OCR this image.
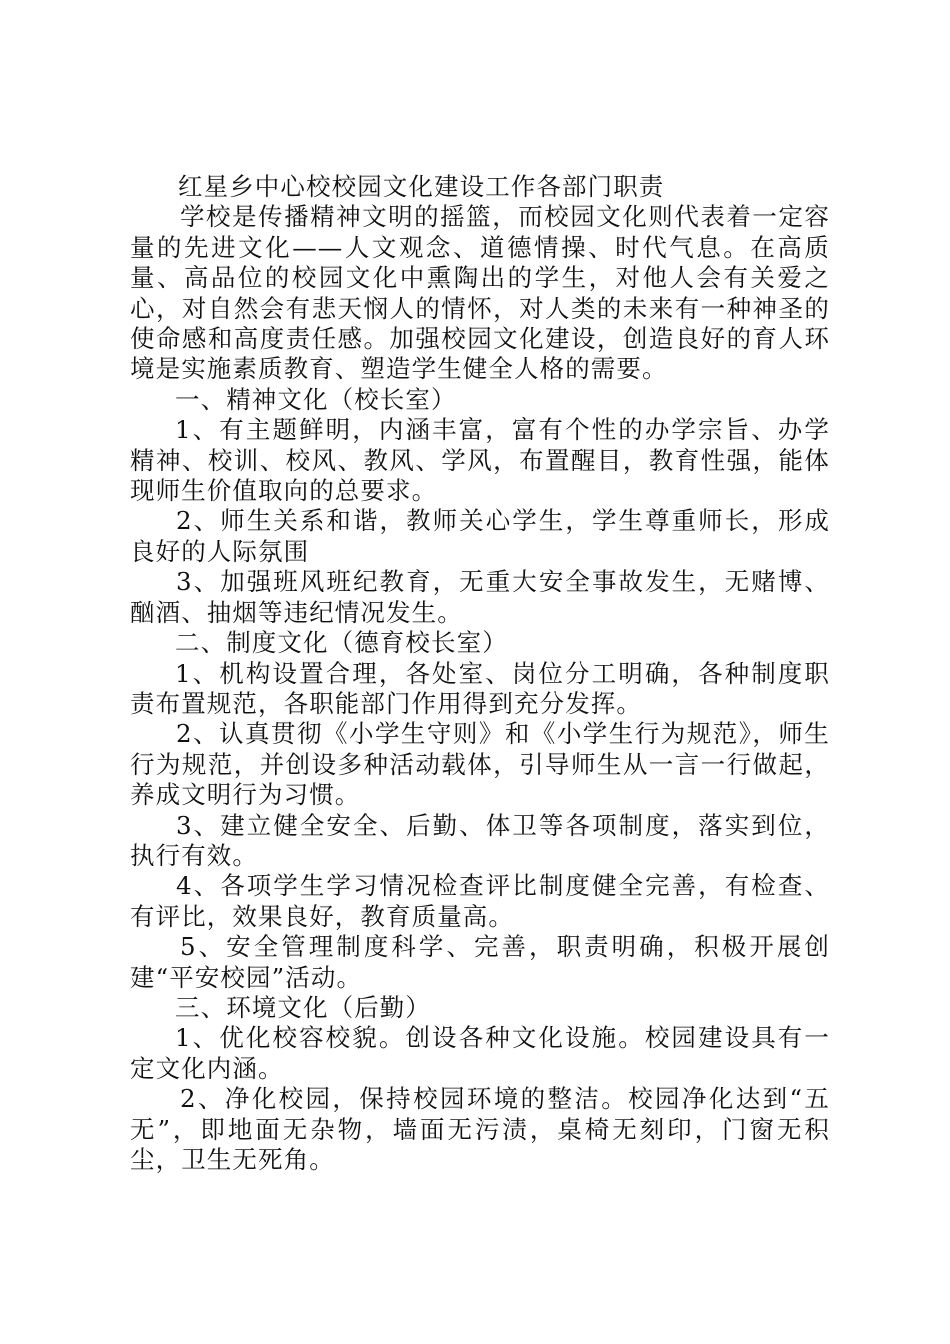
红星乡中心校校园文化建设工作各部门职责

学校是传播精神文明的摇篮，而校园文化则代表着一定容量的先进文化——人文观念、道德情操、时代气息。在高质量、高品位的校园文化中熏陶出的学生，对他人会有关爱之心，对自然会有悲天悯人的情怀，对人类的未来有一种神圣的使命感和高度责任感。加强校园文化建设，创造良好的育人环境是实施素质教育、塑造学生健全人格的需要。

一、精神文化（校长室）

1、有主题鲜明，内涵丰富，富有个性的办学宗旨、办学精神、校训、校风、教风、学风，布置醒目，教育性强，能体现师生价值取向的总要求。

2、师生关系和谐，教师关心学生，学生尊重师长，形成良好的人际氛围

3、加强班风班纪教育，无重大安全事故发生，无赌博、酗酒、抽烟等违纪情况发生。

二、制度文化（德育校长室）

1、机构设置合理，各处室、岗位分工明确，各种制度职责布置规范，各职能部门作用得到充分发挥。

2、认真贯彻《小学生守则》和《小学生行为规范》，师生行为规范，并创设多种活动载体，引导师生从一言一行做起，养成文明行为习惯。

3、建立健全安全、后勤、体卫等各项制度，落实到位，执行有效。

4、各项学生学习情况检查评比制度健全完善，有检查、有评比，效果良好，教育质量高。

5、安全管理制度科学、完善，职责明确，积极开展创建“平安校园”活动。

三、环境文化（后勤）

1、优化校容校貌。创设各种文化设施。校园建设具有一定文化内涵。

2、净化校园，保持校园环境的整洁。校园净化达到“五无”，即地面无杂物，墙面无污渍，桌椅无刻印，门窗无积尘，卫生无死角。
